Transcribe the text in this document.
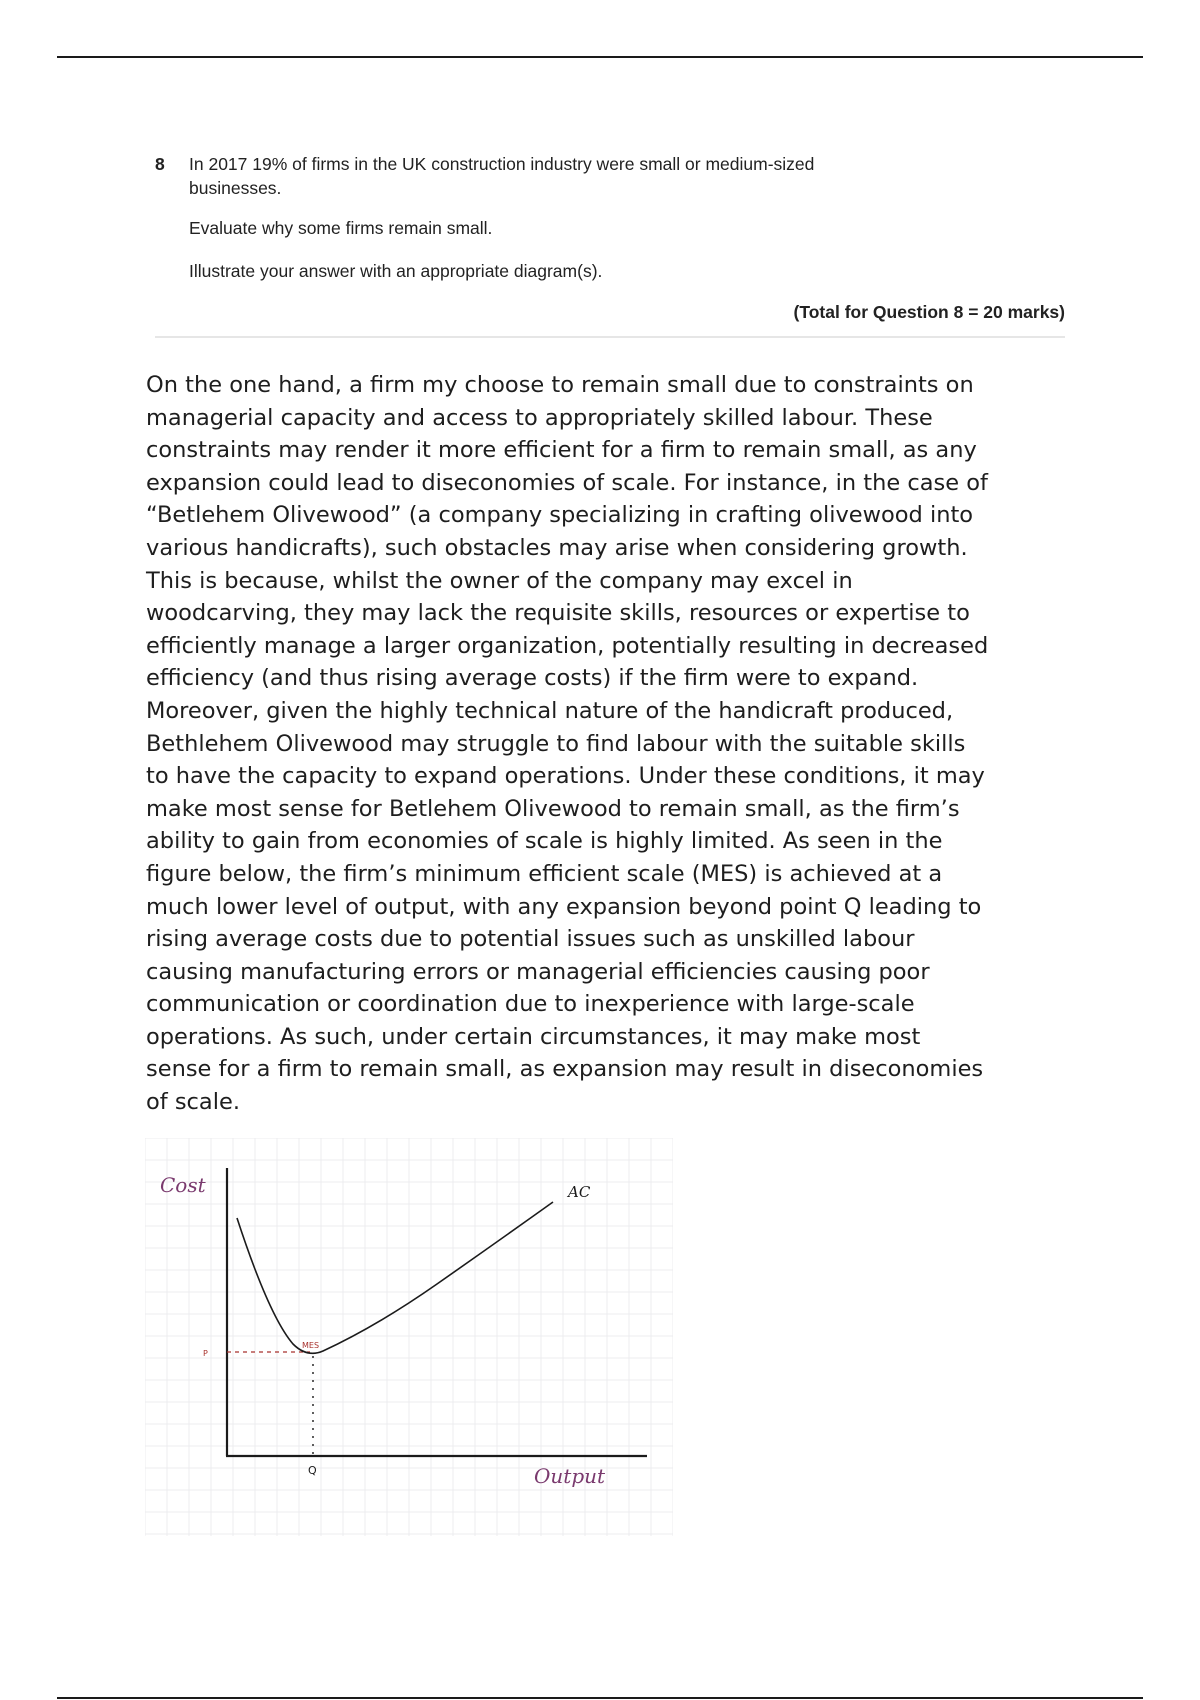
8	In 2017 19% of firms in the UK construction industry were small or medium-sized
businesses.
Evaluate why some firms remain small.
Illustrate your answer with an appropriate diagram(s).
(Total for Question 8 = 20 marks)

On the one hand, a firm my choose to remain small due to constraints on

managerial capacity and access to appropriately skilled labour. These

constraints may render it more efficient for a firm to remain small, as any

expansion could lead to diseconomies of scale. For instance, in the case of

“Betlehem Olivewood” (a company specializing in crafting olivewood into

various handicrafts), such obstacles may arise when considering growth.

This is because, whilst the owner of the company may excel in

woodcarving, they may lack the requisite skills, resources or expertise to

efficiently manage a larger organization, potentially resulting in decreased

efficiency (and thus rising average costs) if the firm were to expand.

Moreover, given the highly technical nature of the handicraft produced,

Bethlehem Olivewood may struggle to find labour with the suitable skills

to have the capacity to expand operations. Under these conditions, it may

make most sense for Betlehem Olivewood to remain small, as the firm’s

ability to gain from economies of scale is highly limited. As seen in the

figure below, the firm’s minimum efficient scale (MES) is achieved at a

much lower level of output, with any expansion beyond point Q leading to

rising average costs due to potential issues such as unskilled labour

causing manufacturing errors or managerial efficiencies causing poor

communication or coordination due to inexperience with large-scale

operations. As such, under certain circumstances, it may make most

sense for a firm to remain small, as expansion may result in diseconomies

of scale.

Cost
Output
AC
MES
P
Q
